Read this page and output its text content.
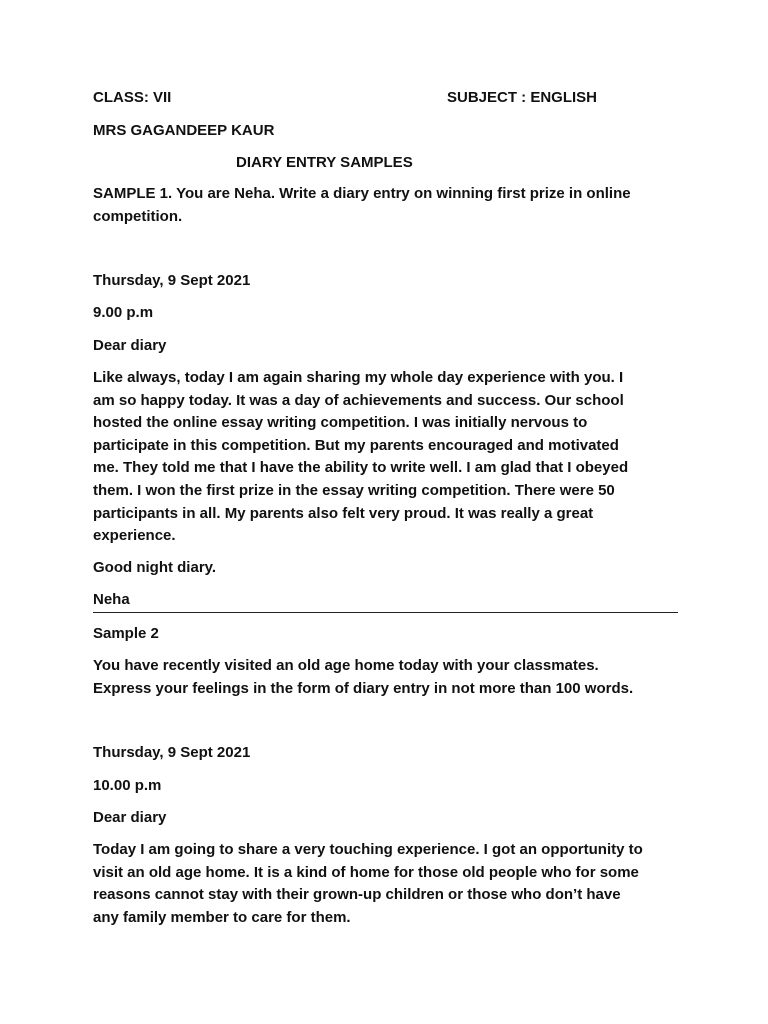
CLASS: VII	SUBJECT : ENGLISH
MRS GAGANDEEP KAUR
DIARY ENTRY SAMPLES
SAMPLE 1. You are Neha. Write a diary entry on winning first prize in online
competition.
Thursday, 9 Sept 2021
9.00 p.m
Dear diary
Like always, today I am again sharing my whole day experience with you. I
am so happy today. It was a day of achievements and success. Our school
hosted the online essay writing competition. I was initially nervous to
participate in this competition. But my parents encouraged and motivated
me. They told me that I have the ability to write well. I am glad that I obeyed
them. I won the first prize in the essay writing competition. There were 50
participants in all. My parents also felt very proud. It was really a great
experience.
Good night diary.
Neha
Sample 2
You have recently visited an old age home today with your classmates.
Express your feelings in the form of diary entry in not more than 100 words.
Thursday, 9 Sept 2021
10.00 p.m
Dear diary
Today I am going to share a very touching experience. I got an opportunity to
visit an old age home. It is a kind of home for those old people who for some
reasons cannot stay with their grown-up children or those who don’t have
any family member to care for them.
